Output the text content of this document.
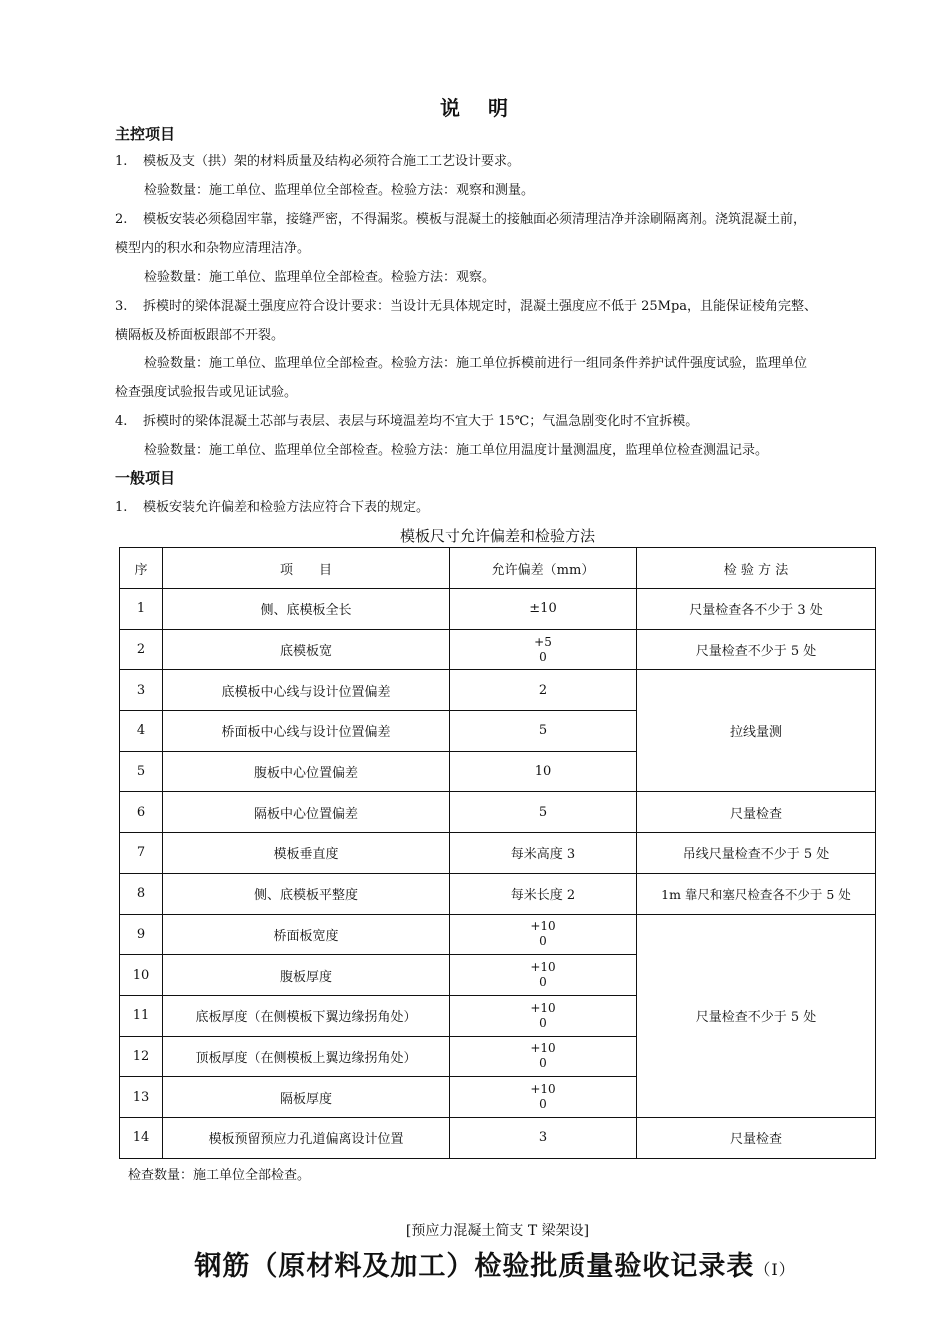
说 明
主控项目
1. 模板及支（拱）架的材料质量及结构必须符合施工工艺设计要求。
检验数量：施工单位、监理单位全部检查。检验方法：观察和测量。
2. 模板安装必须稳固牢靠，接缝严密，不得漏浆。模板与混凝土的接触面必须清理洁净并涂刷隔离剂。浇筑混凝土前，
模型内的积水和杂物应清理洁净。
检验数量：施工单位、监理单位全部检查。检验方法：观察。
3. 拆模时的梁体混凝土强度应符合设计要求：当设计无具体规定时，混凝土强度应不低于 25Mpa，且能保证棱角完整、
横隔板及桥面板跟部不开裂。
检验数量：施工单位、监理单位全部检查。检验方法：施工单位拆模前进行一组同条件养护试件强度试验，监理单位
检查强度试验报告或见证试验。
4. 拆模时的梁体混凝土芯部与表层、表层与环境温差均不宜大于 15℃；气温急剧变化时不宜拆模。
检验数量：施工单位、监理单位全部检查。检验方法：施工单位用温度计量测温度，监理单位检查测温记录。
一般项目
1. 模板安装允许偏差和检验方法应符合下表的规定。
模板尺寸允许偏差和检验方法
序	项　　目	允许偏差（mm）	检 验 方 法
1	侧、底模板全长	±10	尺量检查各不少于 3 处
2	底模板宽	+5
0	尺量检查不少于 5 处
3	底模板中心线与设计位置偏差	2	拉线量测
4	桥面板中心线与设计位置偏差	5	
5	腹板中心位置偏差	10	
6	隔板中心位置偏差	5	尺量检查
7	模板垂直度	每米高度 3	吊线尺量检查不少于 5 处
8	侧、底模板平整度	每米长度 2	1m 靠尺和塞尺检查各不少于 5 处
9	桥面板宽度	+10
0	尺量检查不少于 5 处
10	腹板厚度	+10
0	
11	底板厚度（在侧模板下翼边缘拐角处）	+10
0	
12	顶板厚度（在侧模板上翼边缘拐角处）	+10
0	
13	隔板厚度	+10
0	
14	模板预留预应力孔道偏离设计位置	3	尺量检查
检查数量：施工单位全部检查。
[预应力混凝土简支 T 梁架设]
钢筋（原材料及加工）检验批质量验收记录表（I）
